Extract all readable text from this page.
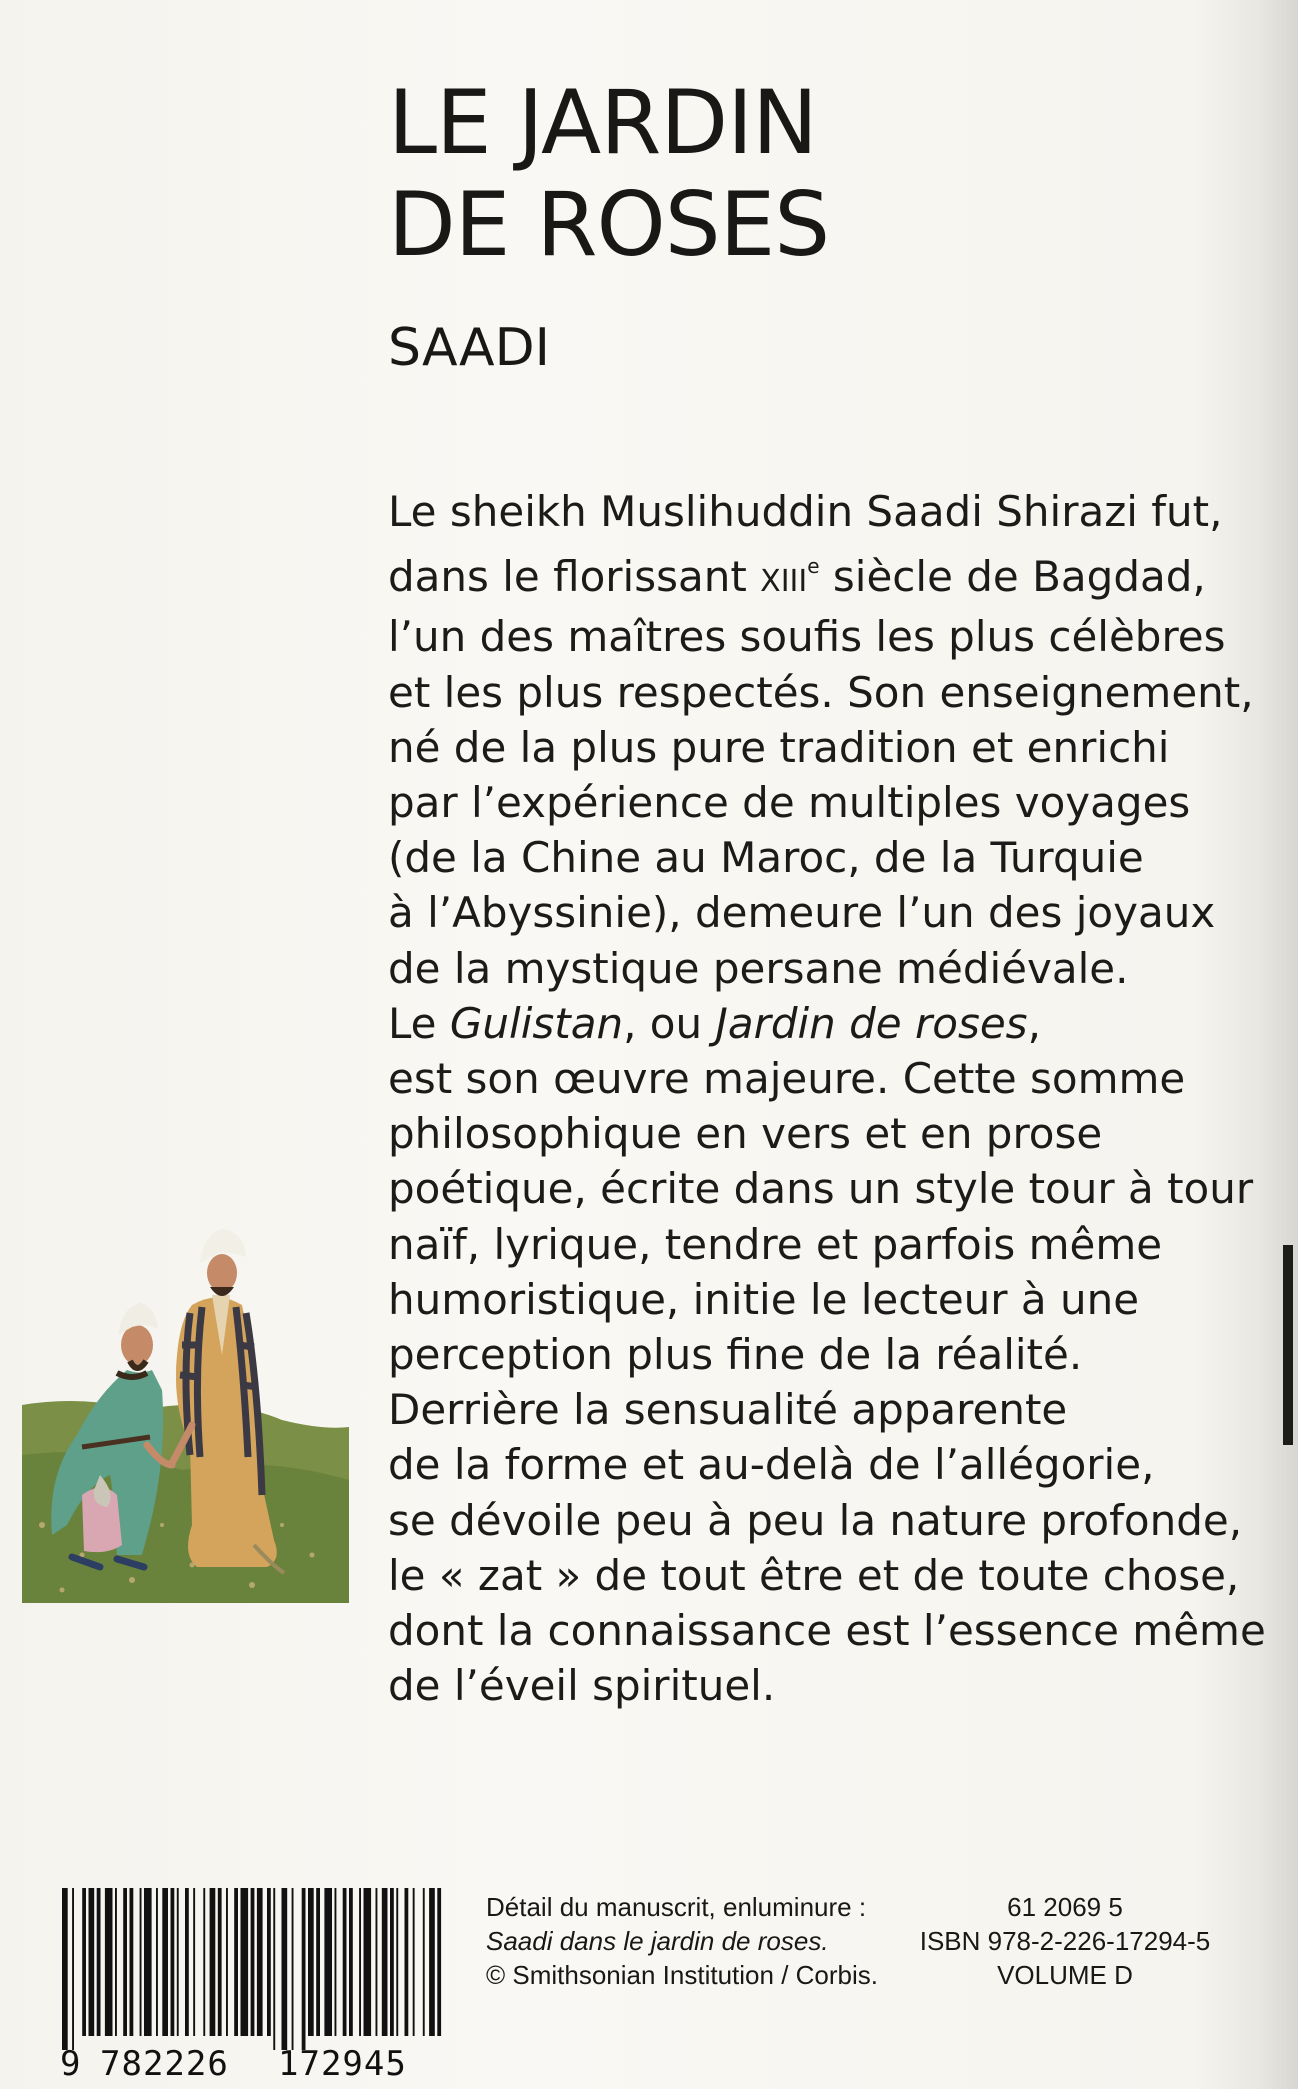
LE JARDIN
DE ROSES
SAADI
Le sheikh Muslihuddin Saadi Shirazi fut,
dans le florissant XIIIe siècle de Bagdad,
l’un des maîtres soufis les plus célèbres
et les plus respectés. Son enseignement,
né de la plus pure tradition et enrichi
par l’expérience de multiples voyages
(de la Chine au Maroc, de la Turquie
à l’Abyssinie), demeure l’un des joyaux
de la mystique persane médiévale.
Le Gulistan, ou Jardin de roses,
est son œuvre majeure. Cette somme
philosophique en vers et en prose
poétique, écrite dans un style tour à tour
naïf, lyrique, tendre et parfois même
humoristique, initie le lecteur à une
perception plus fine de la réalité.
Derrière la sensualité apparente
de la forme et au-delà de l’allégorie,
se dévoile peu à peu la nature profonde,
le « zat » de tout être et de toute chose,
dont la connaissance est l’essence même
de l’éveil spirituel.
9 782226 172945
Détail du manuscrit, enluminure :
Saadi dans le jardin de roses.
© Smithsonian Institution / Corbis.
61 2069 5
ISBN 978-2-226-17294-5
VOLUME D
